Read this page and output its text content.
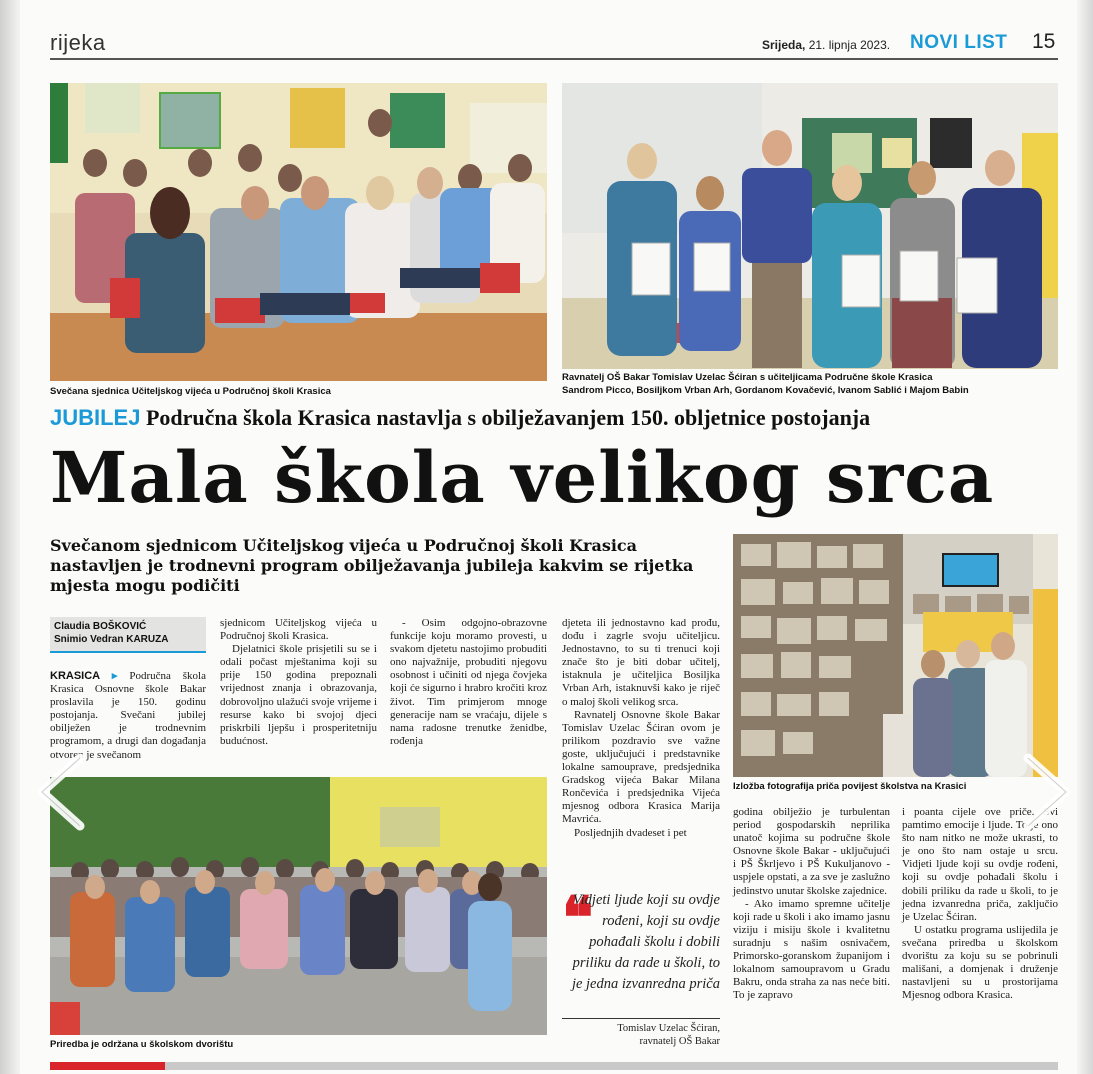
rijeka	Srijeda, 21. lipnja 2023. NOVI LIST 15
Svečana sjednica Učiteljskog vijeća u Područnoj školi Krasica
Ravnatelj OŠ Bakar Tomislav Uzelac Šćiran s učiteljicama Područne škole Krasica
Sandrom Picco, Bosiljkom Vrban Arh, Gordanom Kovačević, Ivanom Sablić i Majom Babin
JUBILEJ Područna škola Krasica nastavlja s obilježavanjem 150. obljetnice postojanja
Mala škola velikog srca
Svečanom sjednicom Učiteljskog vijeća u Područnoj školi Krasica nastavljen je trodnevni program obilježavanja jubileja kakvim se rijetka mjesta mogu podičiti
Izložba fotografija priča povijest školstva na Krasici
Priredba je održana u školskom dvorištu
Claudia BOŠKOVIĆ
Snimio Vedran KARUZA

KRASICA ▸ Područna škola Krasica Osnovne škole Bakar proslavila je 150. godinu postojanja. Svečani jubilej obilježen je trodnevnim programom, a drugi dan događanja otvoren je svečanom

sjednicom Učiteljskog vijeća u Područnoj školi Krasica.

Djelatnici škole prisjetili su se i odali počast mještanima koji su prije 150 godina prepoznali vrijednost znanja i obrazovanja, dobrovoljno ulažući svoje vrijeme i resurse kako bi svojoj djeci priskrbili ljepšu i prosperitetniju budućnost.

- Osim odgojno-obrazovne funkcije koju moramo provesti, u svakom djetetu nastojimo probuditi ono najvažnije, probuditi njegovu osobnost i učiniti od njega čovjeka koji će sigurno i hrabro kročiti kroz život. Tim primjerom mnoge generacije nam se vraćaju, dijele s nama radosne trenutke ženidbe, rođenja

djeteta ili jednostavno kad prođu, dođu i zagrle svoju učiteljicu. Jednostavno, to su ti trenuci koji znače što je biti dobar učitelj, istaknula je učiteljica Bosiljka Vrban Arh, istaknuvši kako je riječ o maloj školi velikog srca.

Ravnatelj Osnovne škole Bakar Tomislav Uzelac Šćiran ovom je prilikom pozdravio sve važne goste, uključujući i predstavnike lokalne samouprave, predsjednika Gradskog vijeća Bakar Milana Rončevića i predsjednika Vijeća mjesnog odbora Krasica Marija Mavrića.

Posljednjih dvadeset i pet

❝
Vidjeti ljude koji su ovdje rođeni, koji su ovdje pohađali školu i dobili priliku da rade u školi, to je jedna izvanredna priča
Tomislav Uzelac Šćiran,
ravnatelj OŠ Bakar

godina obilježio je turbulentan period gospodarskih neprilika unatoč kojima su područne škole Osnovne škole Bakar - uključujući i PŠ Škrljevo i PŠ Kukuljanovo - uspjele opstati, a za sve je zaslužno jedinstvo unutar školske zajednice.

- Ako imamo spremne učitelje koji rade u školi i ako imamo jasnu viziju i misiju škole i kvalitetnu suradnju s našim osnivačem, Primorsko-goranskom županijom i lokalnom samoupravom u Gradu Bakru, onda straha za nas neće biti. To je zapravo

i poanta cijele ove priče. Svi pamtimo emocije i ljude. To je ono što nam nitko ne može ukrasti, to je ono što nam ostaje u srcu. Vidjeti ljude koji su ovdje rođeni, koji su ovdje pohađali školu i dobili priliku da rade u školi, to je jedna izvanredna priča, zaključio je Uzelac Šćiran.

U ostatku programa uslijedila je svečana priredba u školskom dvorištu za koju su se pobrinuli mališani, a domjenak i druženje nastavljeni su u prostorijama Mjesnog odbora Krasica.
